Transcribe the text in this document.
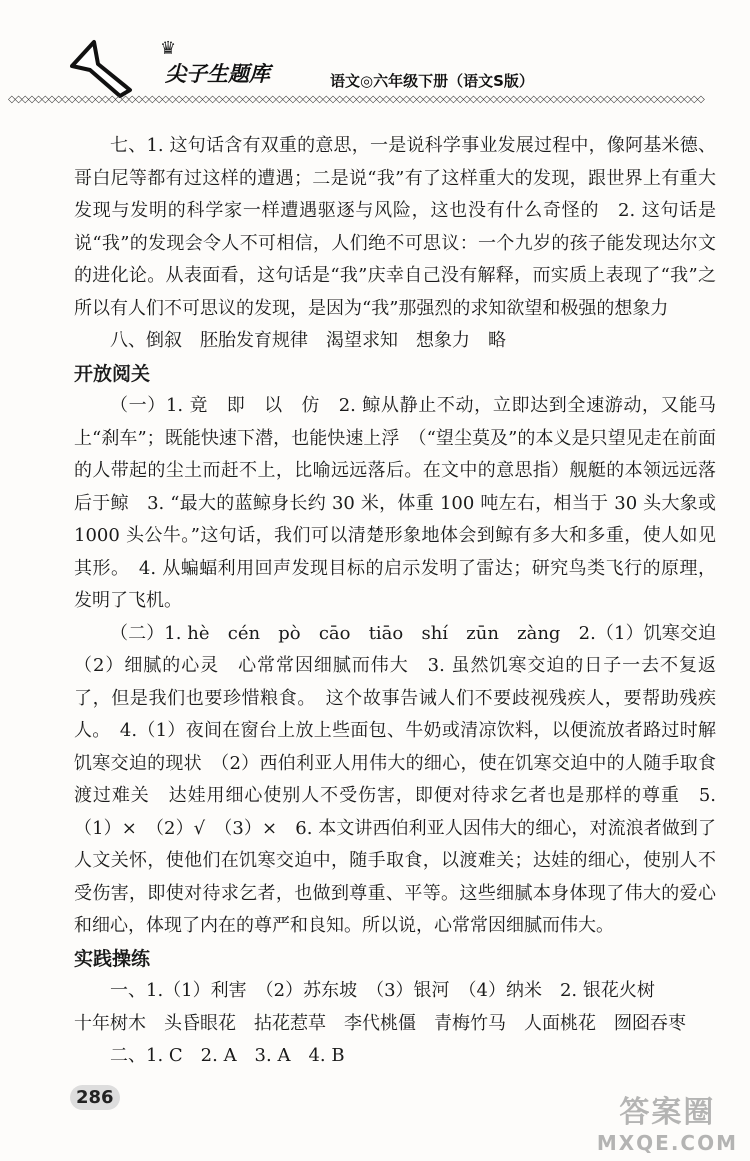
♛
尖子生题库	语文◎六年级下册（语文S版）
◇◇◇◇◇◇◇◇◇◇◇◇◇◇◇◇◇◇◇◇◇◇◇◇◇◇◇◇◇◇◇◇◇◇◇◇◇◇◇◇◇◇◇◇◇◇◇◇◇◇◇◇◇◇◇◇◇◇◇◇◇◇◇◇◇◇◇◇◇◇◇◇◇◇◇◇◇◇◇◇◇◇◇◇◇◇◇◇◇◇◇◇◇◇◇◇◇◇◇◇◇◇◇◇
七、1. 这句话含有双重的意思，一是说科学事业发展过程中，像阿基米德、哥白尼等都有过这样的遭遇；二是说“我”有了这样重大的发现，跟世界上有重大发现与发明的科学家一样遭遇驱逐与风险，这也没有什么奇怪的　2. 这句话是说“我”的发现会令人不可相信，人们绝不可思议：一个九岁的孩子能发现达尔文的进化论。从表面看，这句话是“我”庆幸自己没有解释，而实质上表现了“我”之所以有人们不可思议的发现，是因为“我”那强烈的求知欲望和极强的想象力
八、倒叙　胚胎发育规律　渴望求知　想象力　略
开放阅关
（一）1. 竟　即　以　仿　2. 鲸从静止不动，立即达到全速游动，又能马上“刹车”；既能快速下潜，也能快速上浮　（“望尘莫及”的本义是只望见走在前面的人带起的尘土而赶不上，比喻远远落后。在文中的意思指）舰艇的本领远远落后于鲸　3. “最大的蓝鲸身长约 30 米，体重 100 吨左右，相当于 30 头大象或 1000 头公牛。”这句话，我们可以清楚形象地体会到鲸有多大和多重，使人如见其形。　4. 从蝙蝠利用回声发现目标的启示发明了雷达；研究鸟类飞行的原理，发明了飞机。
（二）1. hè　cén　pò　cāo　tiāo　shí　zūn　zàng　2.（1）饥寒交迫（2）细腻的心灵　心常常因细腻而伟大　3. 虽然饥寒交迫的日子一去不复返了，但是我们也要珍惜粮食。　这个故事告诫人们不要歧视残疾人，要帮助残疾人。　4.（1）夜间在窗台上放上些面包、牛奶或清凉饮料，以便流放者路过时解饥寒交迫的现状　（2）西伯利亚人用伟大的细心，使在饥寒交迫中的人随手取食渡过难关　达娃用细心使别人不受伤害，即便对待求乞者也是那样的尊重　5.（1）×　（2）√　（3）×　6. 本文讲西伯利亚人因伟大的细心，对流浪者做到了人文关怀，使他们在饥寒交迫中，随手取食，以渡难关；达娃的细心，使别人不受伤害，即使对待求乞者，也做到尊重、平等。这些细腻本身体现了伟大的爱心和细心，体现了内在的尊严和良知。所以说，心常常因细腻而伟大。
实践操练
一、1.（1）利害　（2）苏东坡　（3）银河　（4）纳米　2. 银花火树
十年树木　头昏眼花　拈花惹草　李代桃僵　青梅竹马　人面桃花　囫囵吞枣
二、1. C　2. A　3. A　4. B
286	答案圈
MXQE.COM
